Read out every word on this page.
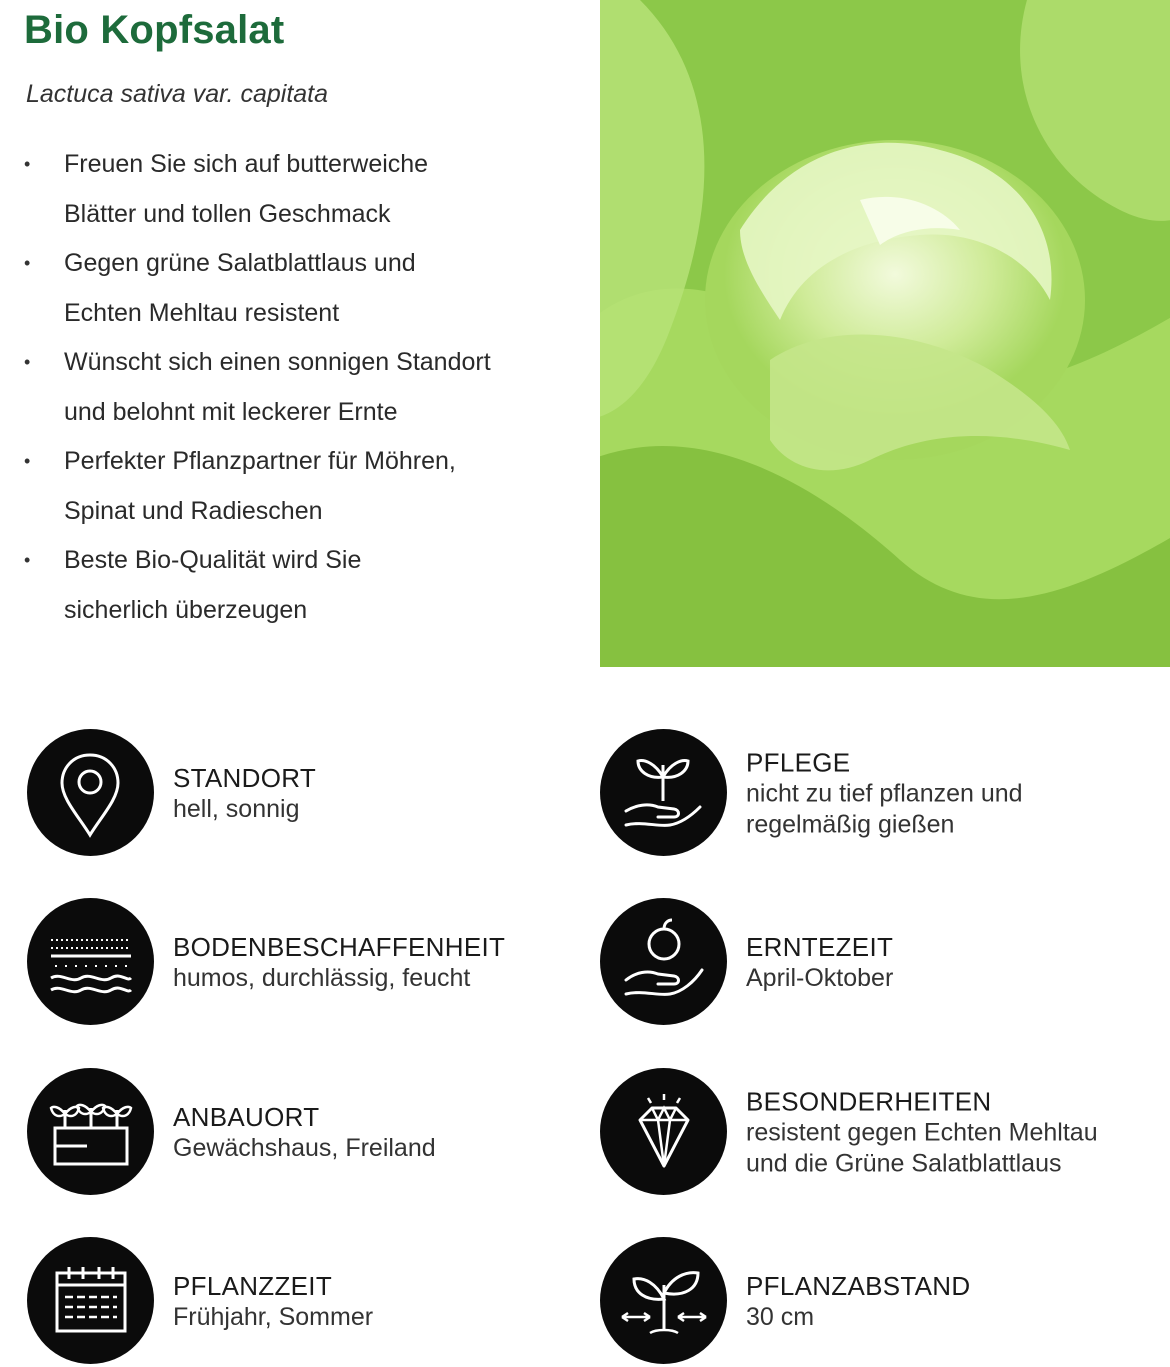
Bio Kopfsalat
Lactuca sativa var. capitata
• Freuen Sie sich auf butterweiche
Blätter und tollen Geschmack
• Gegen grüne Salatblattlaus und
Echten Mehltau resistent
• Wünscht sich einen sonnigen Standort
und belohnt mit leckerer Ernte
• Perfekter Pflanzpartner für Möhren,
Spinat und Radieschen
• Beste Bio-Qualität wird Sie
sicherlich überzeugen
STANDORT
hell, sonnig
PFLEGE
nicht zu tief pflanzen und
regelmäßig gießen
BODENBESCHAFFENHEIT
humos, durchlässig, feucht
ERNTEZEIT
April-Oktober
ANBAUORT
Gewächshaus, Freiland
BESONDERHEITEN
resistent gegen Echten Mehltau
und die Grüne Salatblattlaus
PFLANZZEIT
Frühjahr, Sommer
PFLANZABSTAND
30 cm
